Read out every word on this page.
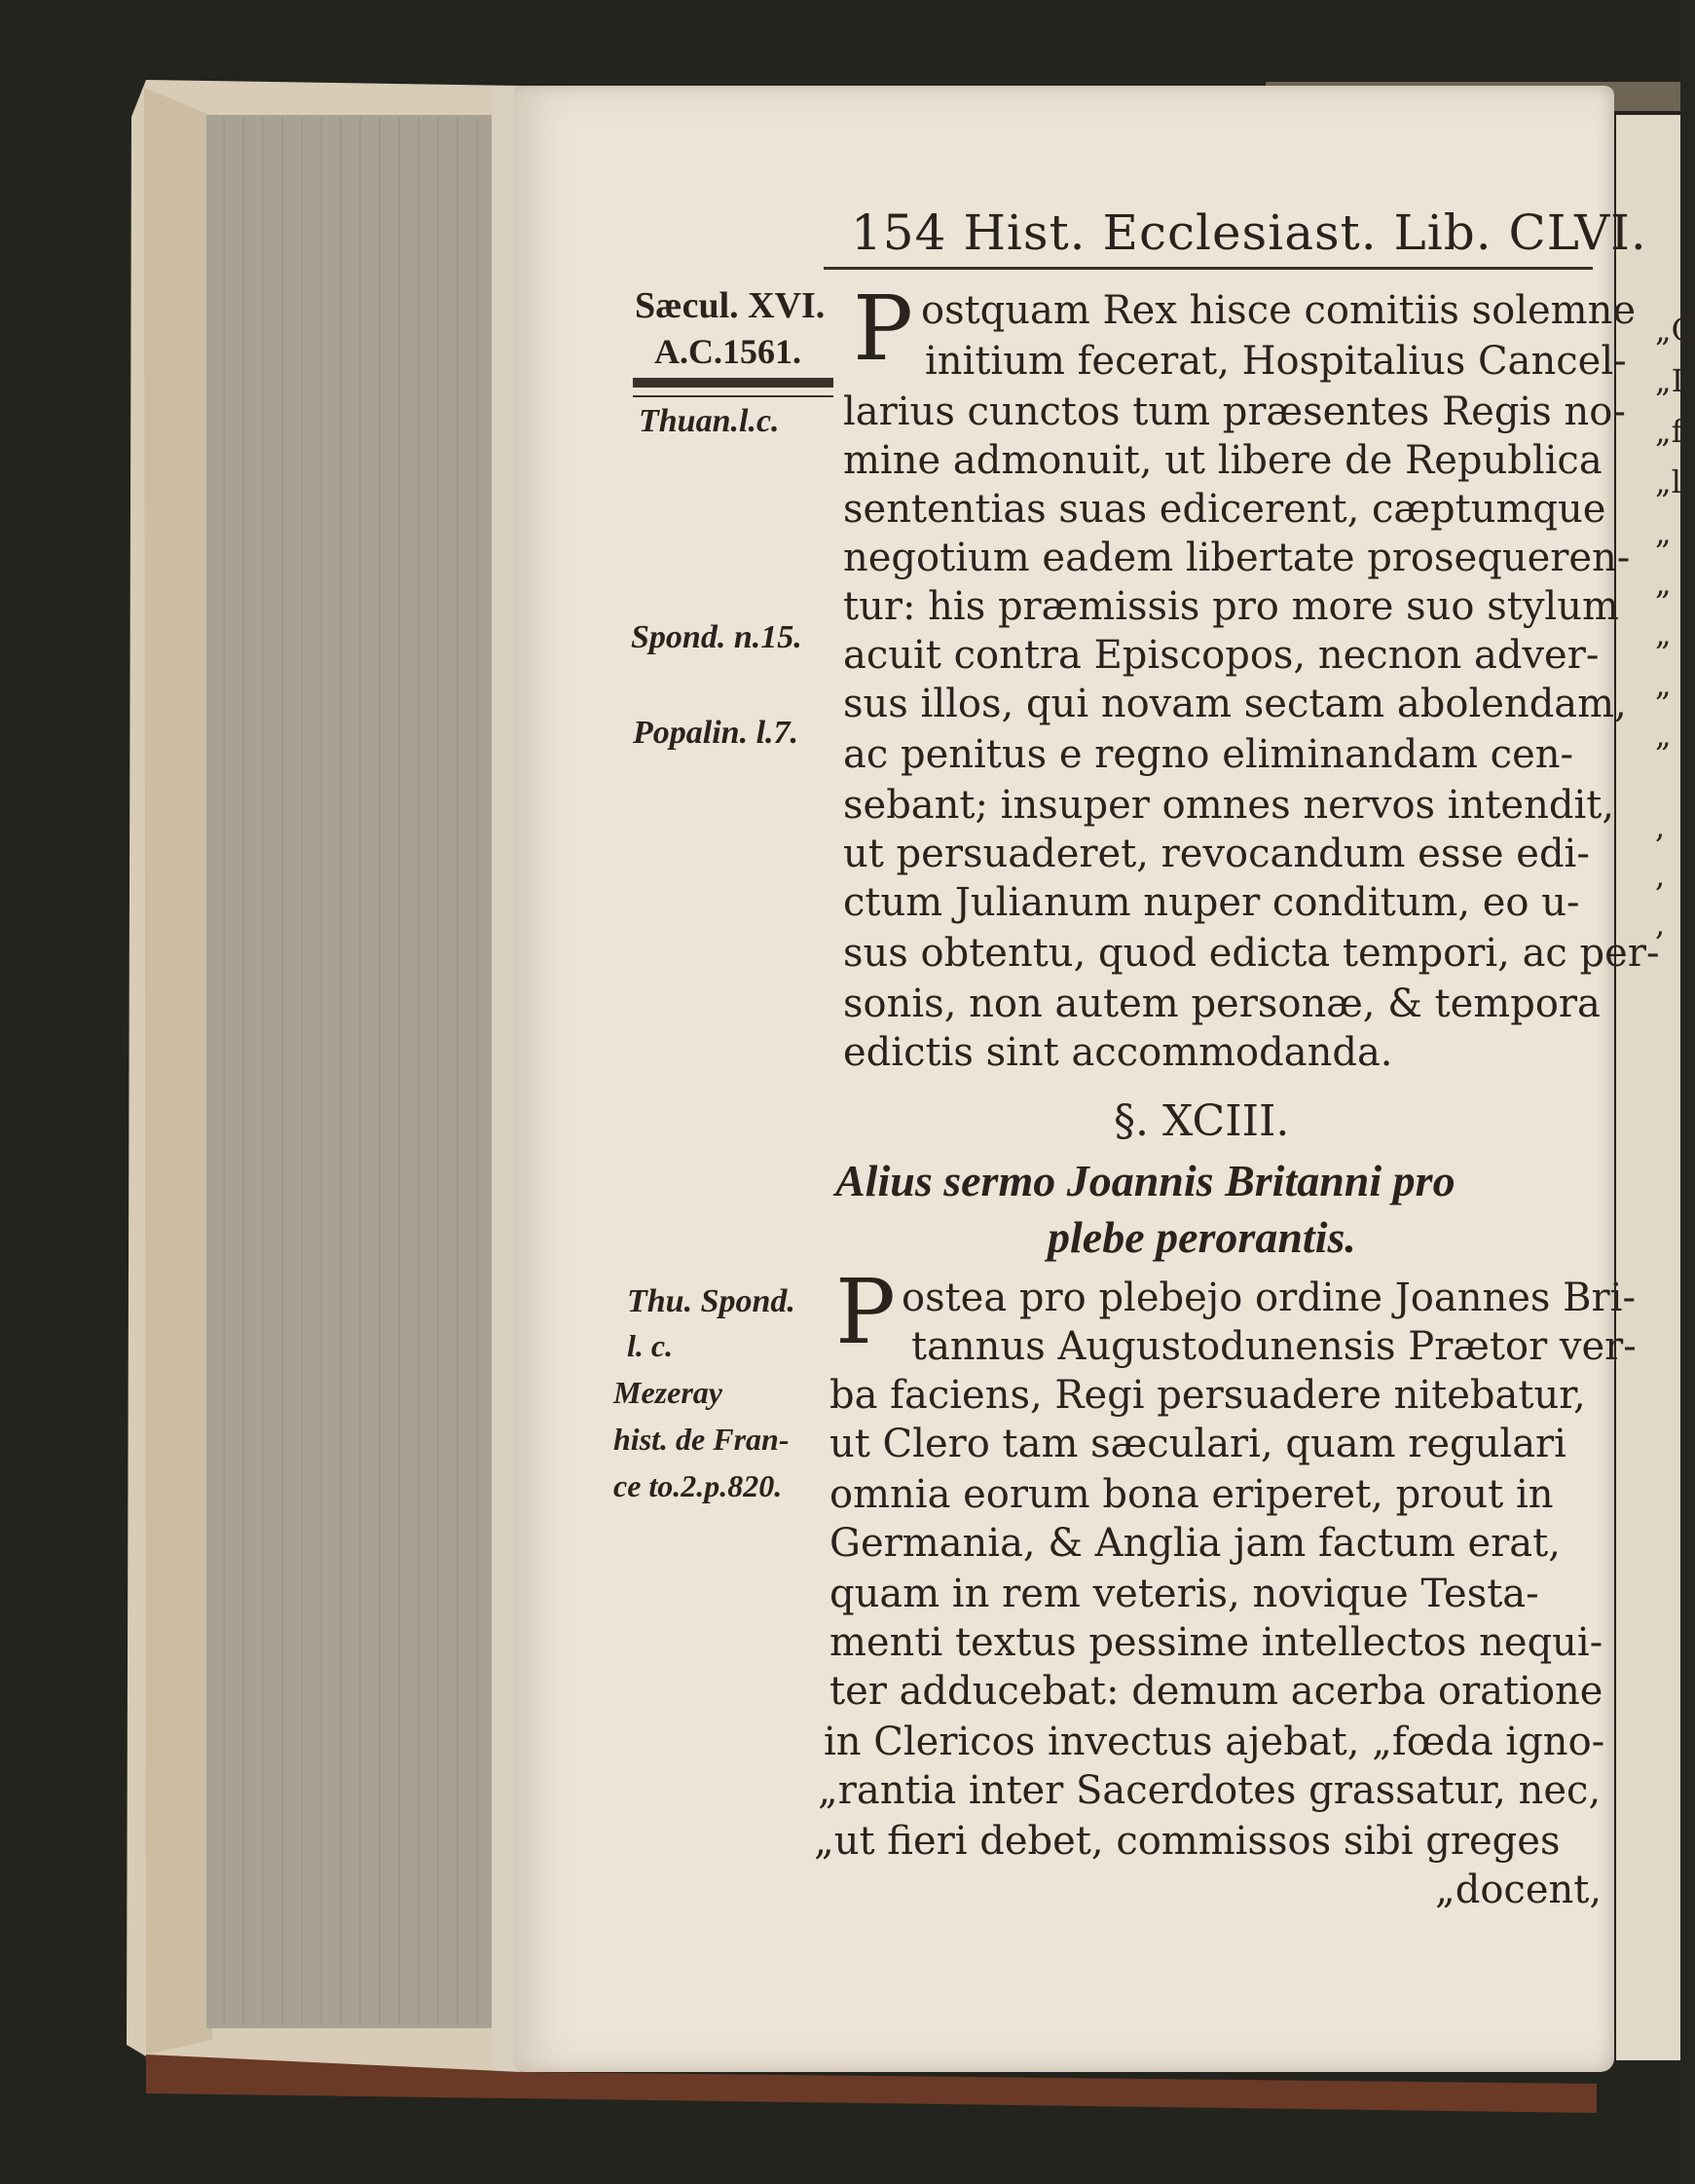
154 Hist. Ecclesiast. Lib. CLVI.
Sæcul. XVI.
A.C.1561.
Thuan.l.c.
Spond. n.15.
Popalin. l.7.
Thu. Spond.
l. c.
Mezeray
hist. de Fran-
ce to.2.p.820.
P ostquam Rex hisce comitiis solemne
initium fecerat, Hospitalius Cancel-
larius cunctos tum præsentes Regis no-
mine admonuit, ut libere de Republica
sententias suas edicerent, cæptumque
negotium eadem libertate prosequeren-
tur: his præmissis pro more suo stylum
acuit contra Episcopos, necnon adver-
sus illos, qui novam sectam abolendam,
ac penitus e regno eliminandam cen-
sebant; insuper omnes nervos intendit,
ut persuaderet, revocandum esse edi-
ctum Julianum nuper conditum, eo u-
sus obtentu, quod edicta tempori, ac per-
sonis, non autem personæ, & tempora
edictis sint accommodanda.
§. XCIII.
Alius sermo Joannis Britanni pro
plebe perorantis.
P ostea pro plebejo ordine Joannes Bri-
tannus Augustodunensis Prætor ver-
ba faciens, Regi persuadere nitebatur,
ut Clero tam sæculari, quam regulari
omnia eorum bona eriperet, prout in
Germania, & Anglia jam factum erat,
quam in rem veteris, novique Testa-
menti textus pessime intellectos nequi-
ter adducebat: demum acerba oratione
in Clericos invectus ajebat, „fœda igno-
„rantia inter Sacerdotes grassatur, nec,
„ut fieri debet, commissos sibi greges
„docent,
„C
„I
„f
„l
„
„
„
„
„
,
,
,
